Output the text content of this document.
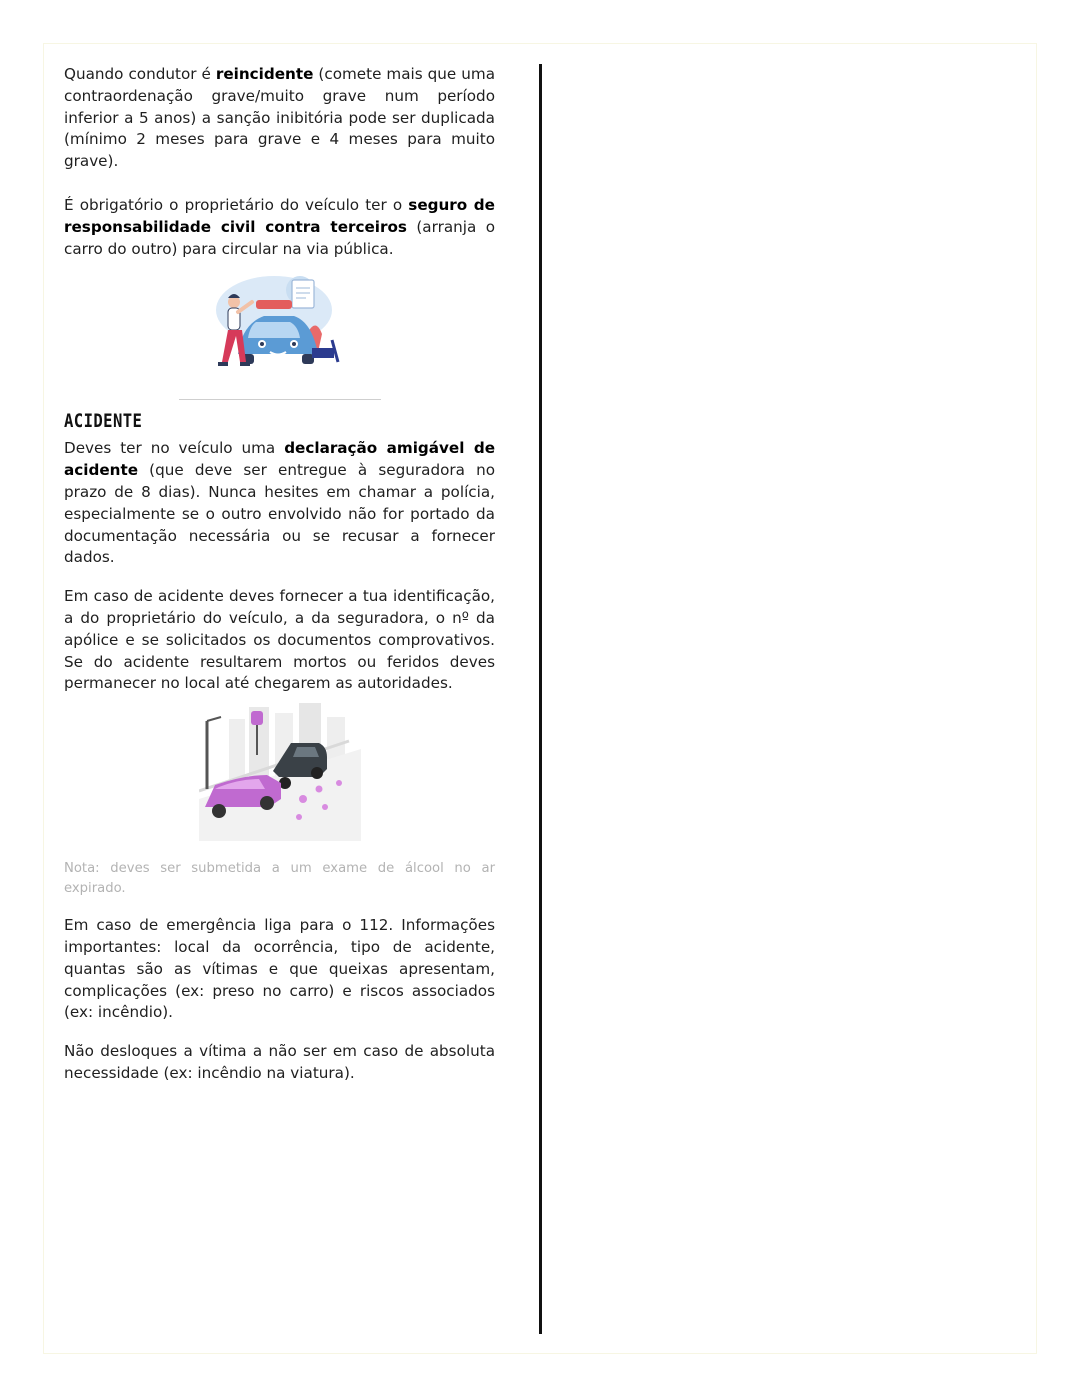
Quando condutor é reincidente (comete mais que uma contraordenação grave/muito grave num período inferior a 5 anos) a sanção inibitória pode ser duplicada (mínimo 2 meses para grave e 4 meses para muito grave).

É obrigatório o proprietário do veículo ter o seguro de responsabilidade civil contra terceiros (arranja o carro do outro) para circular na via pública.

ACIDENTE

Deves ter no veículo uma declaração amigável de acidente (que deve ser entregue à seguradora no prazo de 8 dias). Nunca hesites em chamar a polícia, especialmente se o outro envolvido não for portado da documentação necessária ou se recusar a fornecer dados.

Em caso de acidente deves fornecer a tua identificação, a do proprietário do veículo, a da seguradora, o nº da apólice e se solicitados os documentos comprovativos. Se do acidente resultarem mortos ou feridos deves permanecer no local até chegarem as autoridades.

Nota: deves ser submetida a um exame de álcool no ar expirado.

Em caso de emergência liga para o 112. Informações importantes: local da ocorrência, tipo de acidente, quantas são as vítimas e que queixas apresentam, complicações (ex: preso no carro) e riscos associados (ex: incêndio).

Não desloques a vítima a não ser em caso de absoluta necessidade (ex: incêndio na viatura).
